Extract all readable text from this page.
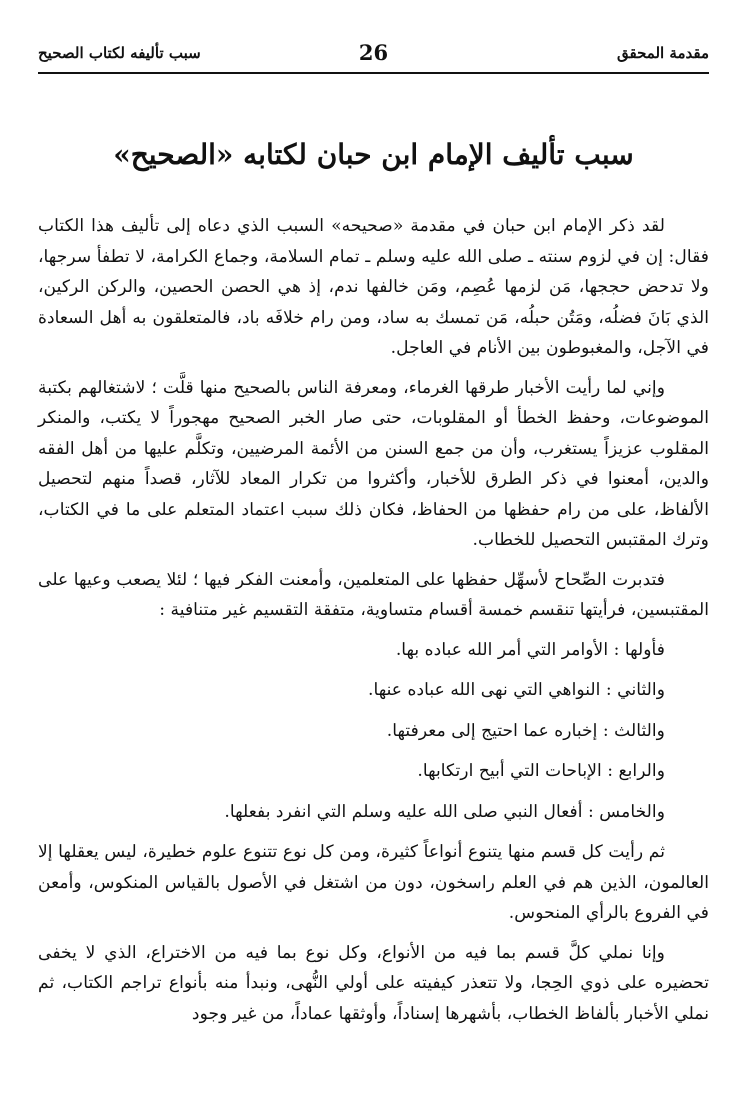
مقدمة المحقق
26
سبب تأليفه لكتاب الصحيح
سبب تأليف الإمام ابن حبان لكتابه «الصحيح»

لقد ذكر الإمام ابن حبان في مقدمة «صحيحه» السبب الذي دعاه إلى تأليف هذا الكتاب فقال: إن في لزوم سنته ـ صلى الله عليه وسلم ـ تمام السلامة، وجماع الكرامة، لا تطفأ سرجها، ولا تدحض حججها، مَن لزمها عُصِم، ومَن خالفها ندم، إذ هي الحصن الحصين، والركن الركين، الذي بَانَ فضلُه، ومَتُن حبلُه، مَن تمسك به ساد، ومن رام خلافَه باد، فالمتعلقون به أهل السعادة في الآجل، والمغبوطون بين الأنام في العاجل.

وإني لما رأيت الأخبار طرقها الغرماء، ومعرفة الناس بالصحيح منها قلَّت ؛ لاشتغالهم بكتبة الموضوعات، وحفظ الخطأ أو المقلوبات، حتى صار الخبر الصحيح مهجوراً لا يكتب، والمنكر المقلوب عزيزاً يستغرب، وأن من جمع السنن من الأئمة المرضيين، وتكلَّم عليها من أهل الفقه والدين، أمعنوا في ذكر الطرق للأخبار، وأكثروا من تكرار المعاد للآثار، قصداً منهم لتحصيل الألفاظ، على من رام حفظها من الحفاظ، فكان ذلك سبب اعتماد المتعلم على ما في الكتاب، وترك المقتبس التحصيل للخطاب.

فتدبرت الصِّحاح لأسهِّل حفظها على المتعلمين، وأمعنت الفكر فيها ؛ لئلا يصعب وعيها على المقتبسين، فرأيتها تنقسم خمسة أقسام متساوية، متفقة التقسيم غير متنافية :

فأولها : الأوامر التي أمر الله عباده بها.

والثاني : النواهي التي نهى الله عباده عنها.

والثالث : إخباره عما احتيج إلى معرفتها.

والرابع : الإباحات التي أبيح ارتكابها.

والخامس : أفعال النبي صلى الله عليه وسلم التي انفرد بفعلها.

ثم رأيت كل قسم منها يتنوع أنواعاً كثيرة، ومن كل نوع تتنوع علوم خطيرة، ليس يعقلها إلا العالمون، الذين هم في العلم راسخون، دون من اشتغل في الأصول بالقياس المنكوس، وأمعن في الفروع بالرأي المنحوس.

وإنا نملي كلَّ قسم بما فيه من الأنواع، وكل نوع بما فيه من الاختراع، الذي لا يخفى تحضيره على ذوي الحِجا، ولا تتعذر كيفيته على أولي النُّهى، ونبدأ منه بأنواع تراجم الكتاب، ثم نملي الأخبار بألفاظ الخطاب، بأشهرها إسناداً، وأوثقها عماداً، من غير وجود
